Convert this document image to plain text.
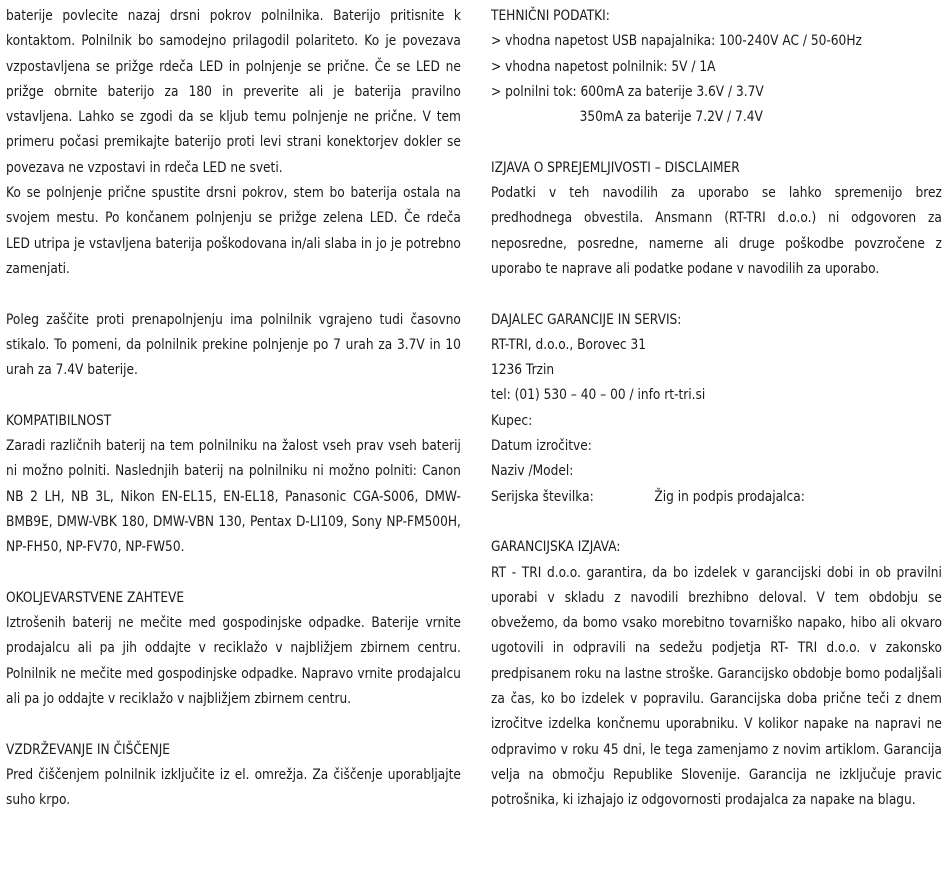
baterije povlecite nazaj drsni pokrov polnilnika. Baterijo pritisnite k kontaktom. Polnilnik bo samodejno prilagodil polariteto. Ko je povezava vzpostavljena se prižge rdeča LED in polnjenje se prične. Če se LED ne prižge obrnite baterijo za 180 in preverite ali je baterija pravilno vstavljena. Lahko se zgodi da se kljub temu polnjenje ne prične. V tem primeru počasi premikajte baterijo proti levi strani konektorjev dokler se povezava ne vzpostavi in rdeča LED ne sveti.

Ko se polnjenje prične spustite drsni pokrov, stem bo baterija ostala na svojem mestu. Po končanem polnjenju se prižge zelena LED. Če rdeča LED utripa je vstavljena baterija poškodovana in/ali slaba in jo je potrebno zamenjati.

Poleg zaščite proti prenapolnjenju ima polnilnik vgrajeno tudi časovno stikalo. To pomeni, da polnilnik prekine polnjenje po 7 urah za 3.7V in 10 urah za 7.4V baterije.

KOMPATIBILNOST

Zaradi različnih baterij na tem polnilniku na žalost vseh prav vseh baterij ni možno polniti. Naslednjih baterij na polnilniku ni možno polniti: Canon NB 2 LH, NB 3L, Nikon EN-EL15, EN-EL18, Panasonic CGA-S006, DMW-BMB9E, DMW-VBK 180, DMW-VBN 130, Pentax D-LI109, Sony NP-FM500H, NP-FH50, NP-FV70, NP-FW50.

OKOLJEVARSTVENE ZAHTEVE

Iztrošenih baterij ne mečite med gospodinjske odpadke. Baterije vrnite prodajalcu ali pa jih oddajte v reciklažo v najbližjem zbirnem centru. Polnilnik ne mečite med gospodinjske odpadke. Napravo vrnite prodajalcu ali pa jo oddajte v reciklažo v najbližjem zbirnem centru.

VZDRŽEVANJE IN ČIŠČENJE

Pred čiščenjem polnilnik izključite iz el. omrežja. Za čiščenje uporabljajte suho krpo.

TEHNIČNI PODATKI:

> vhodna napetost USB napajalnika: 100-240V AC / 50-60Hz

> vhodna napetost polnilnik: 5V / 1A

> polnilni tok: 600mA za baterije 3.6V / 3.7V

350mA za baterije 7.2V / 7.4V

IZJAVA O SPREJEMLJIVOSTI – DISCLAIMER

Podatki v teh navodilih za uporabo se lahko spremenijo brez predhodnega obvestila. Ansmann (RT-TRI d.o.o.) ni odgovoren za neposredne, posredne, namerne ali druge poškodbe povzročene z uporabo te naprave ali podatke podane v navodilih za uporabo.

DAJALEC GARANCIJE IN SERVIS:

RT-TRI, d.o.o., Borovec 31

1236 Trzin

tel: (01) 530 – 40 – 00 / info rt-tri.si

Kupec:

Datum izročitve:

Naziv /Model:

Serijska številka:	Žig in podpis prodajalca:

GARANCIJSKA IZJAVA:

RT - TRI d.o.o. garantira, da bo izdelek v garancijski dobi in ob pravilni uporabi v skladu z navodili brezhibno deloval. V tem obdobju se obvežemo, da bomo vsako morebitno tovarniško napako, hibo ali okvaro ugotovili in odpravili na sedežu podjetja RT- TRI d.o.o. v zakonsko predpisanem roku na lastne stroške. Garancijsko obdobje bomo podaljšali za čas, ko bo izdelek v popravilu. Garancijska doba prične teči z dnem izročitve izdelka končnemu uporabniku. V kolikor napake na napravi ne odpravimo v roku 45 dni, le tega zamenjamo z novim artiklom. Garancija velja na območju Republike Slovenije. Garancija ne izključuje pravic potrošnika, ki izhajajo iz odgovornosti prodajalca za napake na blagu.
